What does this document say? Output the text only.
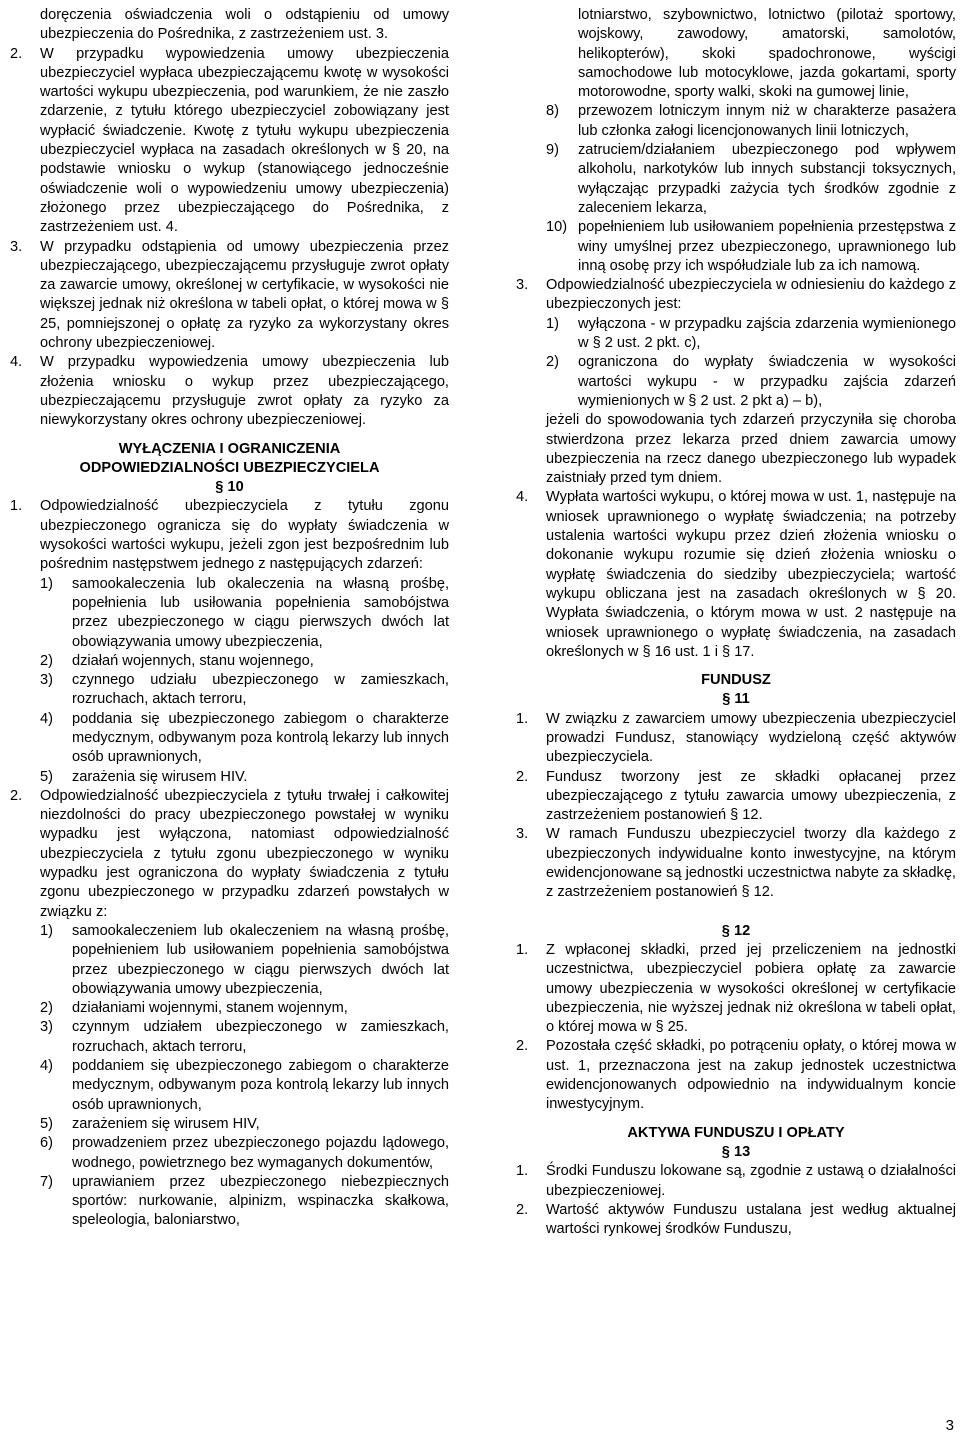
doręczenia oświadczenia woli o odstąpieniu od umowy ubezpieczenia do Pośrednika, z zastrzeżeniem ust. 3.
2.	W przypadku wypowiedzenia umowy ubezpieczenia ubezpieczyciel wypłaca ubezpieczającemu kwotę w wysokości wartości wykupu ubezpieczenia, pod warunkiem, że nie zaszło zdarzenie, z tytułu którego ubezpieczyciel zobowiązany jest wypłacić świadczenie. Kwotę z tytułu wykupu ubezpieczenia ubezpieczyciel wypłaca na zasadach określonych w § 20, na podstawie wniosku o wykup (stanowiącego jednocześnie oświadczenie woli o wypowiedzeniu umowy ubezpieczenia) złożonego przez ubezpieczającego do Pośrednika, z zastrzeżeniem ust. 4.
3.	W przypadku odstąpienia od umowy ubezpieczenia przez ubezpieczającego, ubezpieczającemu przysługuje zwrot opłaty za zawarcie umowy, określonej w certyfikacie, w wysokości nie większej jednak niż określona w tabeli opłat, o której mowa w § 25, pomniejszonej o opłatę za ryzyko za wykorzystany okres ochrony ubezpieczeniowej.
4.	W przypadku wypowiedzenia umowy ubezpieczenia lub złożenia wniosku o wykup przez ubezpieczającego, ubezpieczającemu przysługuje zwrot opłaty za ryzyko za niewykorzystany okres ochrony ubezpieczeniowej.
WYŁĄCZENIA I OGRANICZENIA
ODPOWIEDZIALNOŚCI UBEZPIECZYCIELA
§ 10
1.	Odpowiedzialność ubezpieczyciela z tytułu zgonu ubezpieczonego ogranicza się do wypłaty świadczenia w wysokości wartości wykupu, jeżeli zgon jest bezpośrednim lub pośrednim następstwem jednego z następujących zdarzeń:
1)	samookaleczenia lub okaleczenia na własną prośbę, popełnienia lub usiłowania popełnienia samobójstwa przez ubezpieczonego w ciągu pierwszych dwóch lat obowiązywania umowy ubezpieczenia,
2)	działań wojennych, stanu wojennego,
3)	czynnego udziału ubezpieczonego w zamieszkach, rozruchach, aktach terroru,
4)	poddania się ubezpieczonego zabiegom o charakterze medycznym, odbywanym poza kontrolą lekarzy lub innych osób uprawnionych,
5)	zarażenia się wirusem HIV.
2.	Odpowiedzialność ubezpieczyciela z tytułu trwałej i całkowitej niezdolności do pracy ubezpieczonego powstałej w wyniku wypadku jest wyłączona, natomiast odpowiedzialność ubezpieczyciela z tytułu zgonu ubezpieczonego w wyniku wypadku jest ograniczona do wypłaty świadczenia z tytułu zgonu ubezpieczonego w przypadku zdarzeń powstałych w związku z:
1)	samookaleczeniem lub okaleczeniem na własną prośbę, popełnieniem lub usiłowaniem popełnienia samobójstwa przez ubezpieczonego w ciągu pierwszych dwóch lat obowiązywania umowy ubezpieczenia,
2)	działaniami wojennymi, stanem wojennym,
3)	czynnym udziałem ubezpieczonego w zamieszkach, rozruchach, aktach terroru,
4)	poddaniem się ubezpieczonego zabiegom o charakterze medycznym, odbywanym poza kontrolą lekarzy lub innych osób uprawnionych,
5)	zarażeniem się wirusem HIV,
6)	prowadzeniem przez ubezpieczonego pojazdu lądowego, wodnego, powietrznego bez wymaganych dokumentów,
7)	uprawianiem przez ubezpieczonego niebezpiecznych sportów: nurkowanie, alpinizm, wspinaczka skałkowa, speleologia, baloniarstwo,
lotniarstwo, szybownictwo, lotnictwo (pilotaż sportowy, wojskowy, zawodowy, amatorski, samolotów, helikopterów), skoki spadochronowe, wyścigi samochodowe lub motocyklowe, jazda gokartami, sporty motorowodne, sporty walki, skoki na gumowej linie,
8)	przewozem lotniczym innym niż w charakterze pasażera lub członka załogi licencjonowanych linii lotniczych,
9)	zatruciem/działaniem ubezpieczonego pod wpływem alkoholu, narkotyków lub innych substancji toksycznych, wyłączając przypadki zażycia tych środków zgodnie z zaleceniem lekarza,
10) popełnieniem lub usiłowaniem popełnienia przestępstwa z winy umyślnej przez ubezpieczonego, uprawnionego lub inną osobę przy ich współudziale lub za ich namową.
3.	Odpowiedzialność ubezpieczyciela w odniesieniu do każdego z ubezpieczonych jest:
1)	wyłączona - w przypadku zajścia zdarzenia wymienionego w § 2 ust. 2 pkt. c),
2)	ograniczona do wypłaty świadczenia w wysokości wartości wykupu - w przypadku zajścia zdarzeń wymienionych w § 2 ust. 2 pkt a) – b),
jeżeli do spowodowania tych zdarzeń przyczyniła się choroba stwierdzona przez lekarza przed dniem zawarcia umowy ubezpieczenia na rzecz danego ubezpieczonego lub wypadek zaistniały przed tym dniem.
4.	Wypłata wartości wykupu, o której mowa w ust. 1, następuje na wniosek uprawnionego o wypłatę świadczenia; na potrzeby ustalenia wartości wykupu przez dzień złożenia wniosku o dokonanie wykupu rozumie się dzień złożenia wniosku o wypłatę świadczenia do siedziby ubezpieczyciela; wartość wykupu obliczana jest na zasadach określonych w § 20. Wypłata świadczenia, o którym mowa w ust. 2 następuje na wniosek uprawnionego o wypłatę świadczenia, na zasadach określonych w § 16 ust. 1 i § 17.
FUNDUSZ
§ 11
1.	W związku z zawarciem umowy ubezpieczenia ubezpieczyciel prowadzi Fundusz, stanowiący wydzieloną część aktywów ubezpieczyciela.
2.	Fundusz tworzony jest ze składki opłacanej przez ubezpieczającego z tytułu zawarcia umowy ubezpieczenia, z zastrzeżeniem postanowień § 12.
3.	W ramach Funduszu ubezpieczyciel tworzy dla każdego z ubezpieczonych indywidualne konto inwestycyjne, na którym ewidencjonowane są jednostki uczestnictwa nabyte za składkę, z zastrzeżeniem postanowień § 12.
§ 12
1.	Z wpłaconej składki, przed jej przeliczeniem na jednostki uczestnictwa, ubezpieczyciel pobiera opłatę za zawarcie umowy ubezpieczenia w wysokości określonej w certyfikacie ubezpieczenia, nie wyższej jednak niż określona w tabeli opłat, o której mowa w § 25.
2.	Pozostała część składki, po potrąceniu opłaty, o której mowa w ust. 1, przeznaczona jest na zakup jednostek uczestnictwa ewidencjonowanych odpowiednio na indywidualnym koncie inwestycyjnym.
AKTYWA FUNDUSZU I OPŁATY
§ 13
1.	Środki Funduszu lokowane są, zgodnie z ustawą o działalności ubezpieczeniowej.
2.	Wartość aktywów Funduszu ustalana jest według aktualnej wartości rynkowej środków Funduszu,
3
